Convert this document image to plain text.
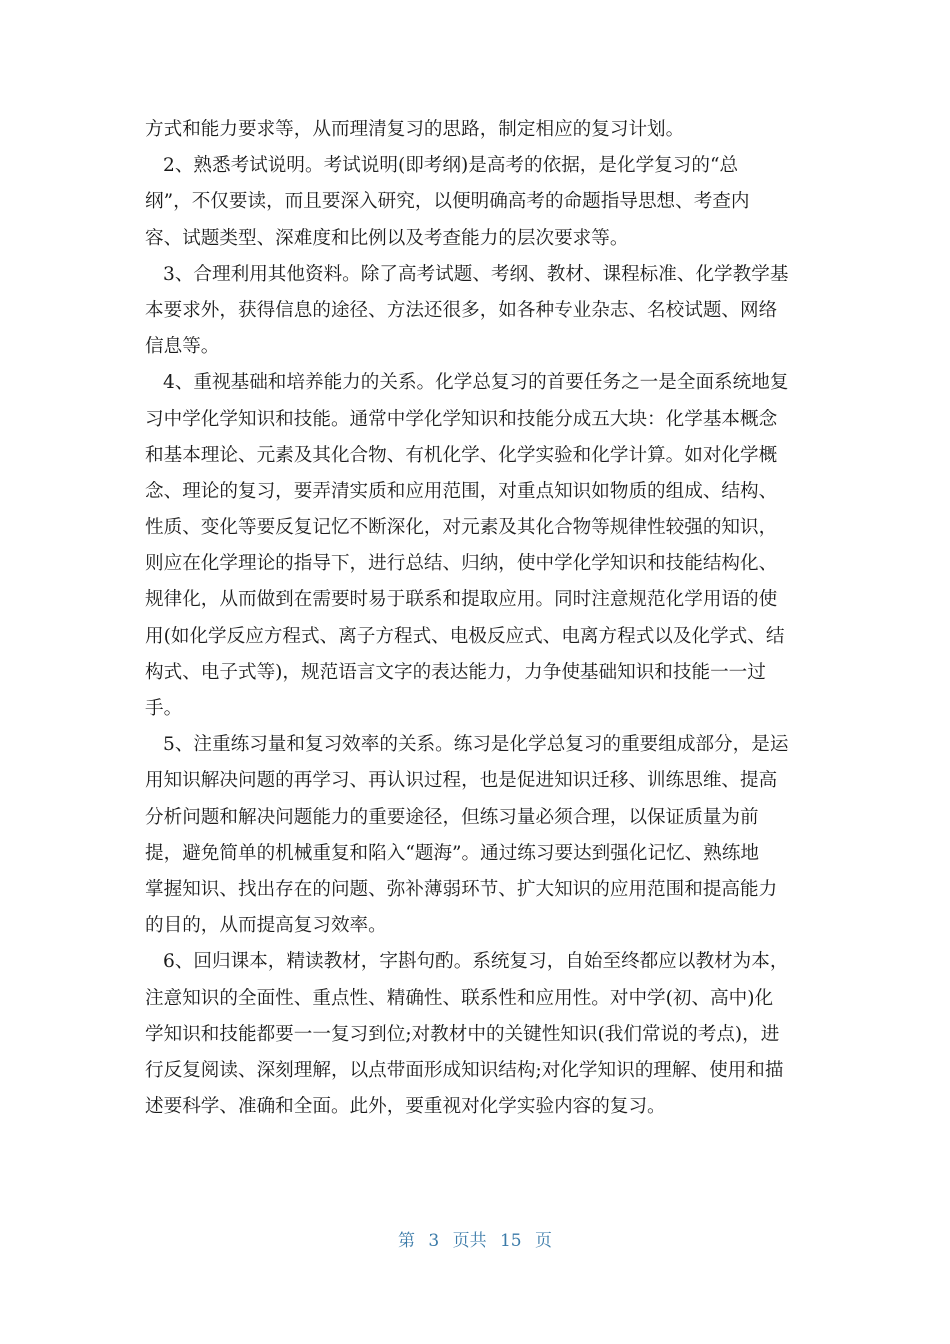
方式和能力要求等，从而理清复习的思路，制定相应的复习计划。
2、熟悉考试说明。考试说明(即考纲)是高考的依据，是化学复习的“总
纲”，不仅要读，而且要深入研究，以便明确高考的命题指导思想、考查内
容、试题类型、深难度和比例以及考查能力的层次要求等。
3、合理利用其他资料。除了高考试题、考纲、教材、课程标准、化学教学基
本要求外，获得信息的途径、方法还很多，如各种专业杂志、名校试题、网络
信息等。
4、重视基础和培养能力的关系。化学总复习的首要任务之一是全面系统地复
习中学化学知识和技能。通常中学化学知识和技能分成五大块：化学基本概念
和基本理论、元素及其化合物、有机化学、化学实验和化学计算。如对化学概
念、理论的复习，要弄清实质和应用范围，对重点知识如物质的组成、结构、
性质、变化等要反复记忆不断深化，对元素及其化合物等规律性较强的知识，
则应在化学理论的指导下，进行总结、归纳，使中学化学知识和技能结构化、
规律化，从而做到在需要时易于联系和提取应用。同时注意规范化学用语的使
用(如化学反应方程式、离子方程式、电极反应式、电离方程式以及化学式、结
构式、电子式等)，规范语言文字的表达能力，力争使基础知识和技能一一过
手。
5、注重练习量和复习效率的关系。练习是化学总复习的重要组成部分，是运
用知识解决问题的再学习、再认识过程，也是促进知识迁移、训练思维、提高
分析问题和解决问题能力的重要途径，但练习量必须合理，以保证质量为前
提，避免简单的机械重复和陷入“题海”。通过练习要达到强化记忆、熟练地
掌握知识、找出存在的问题、弥补薄弱环节、扩大知识的应用范围和提高能力
的目的，从而提高复习效率。
6、回归课本，精读教材，字斟句酌。系统复习，自始至终都应以教材为本，
注意知识的全面性、重点性、精确性、联系性和应用性。对中学(初、高中)化
学知识和技能都要一一复习到位;对教材中的关键性知识(我们常说的考点)，进
行反复阅读、深刻理解，以点带面形成知识结构;对化学知识的理解、使用和描
述要科学、准确和全面。此外，要重视对化学实验内容的复习。
第 3 页共 15 页
